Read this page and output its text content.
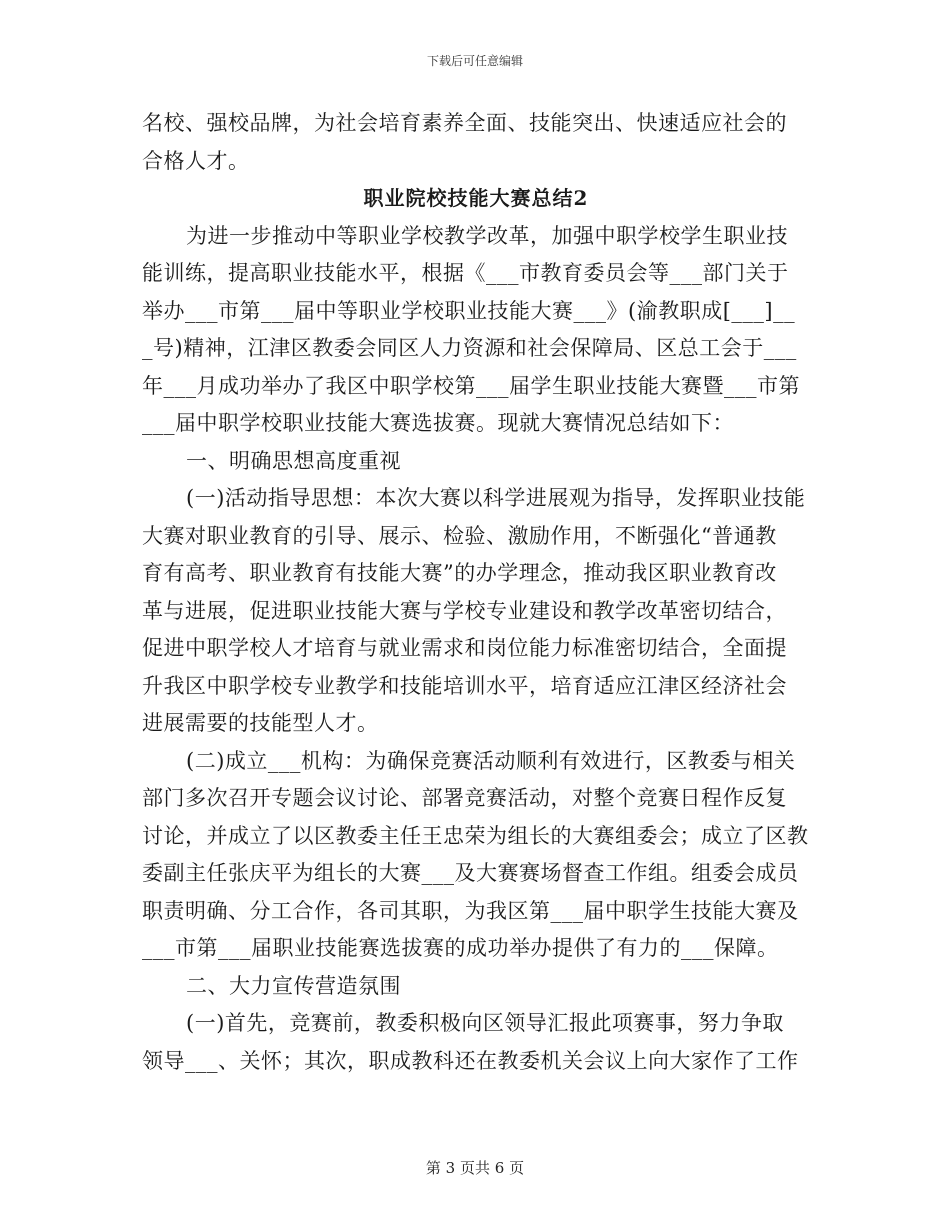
下载后可任意编辑
名校、强校品牌，为社会培育素养全面、技能突出、快速适应社会的
合格人才。
职业院校技能大赛总结2
为进一步推动中等职业学校教学改革，加强中职学校学生职业技
能训练，提高职业技能水平，根据《___市教育委员会等___部门关于
举办___市第___届中等职业学校职业技能大赛___》(渝教职成[___]__
_号)精神，江津区教委会同区人力资源和社会保障局、区总工会于___
年___月成功举办了我区中职学校第___届学生职业技能大赛暨___市第
___届中职学校职业技能大赛选拔赛。现就大赛情况总结如下：
一、明确思想高度重视
(一)活动指导思想：本次大赛以科学进展观为指导，发挥职业技能
大赛对职业教育的引导、展示、检验、激励作用，不断强化“普通教
育有高考、职业教育有技能大赛”的办学理念，推动我区职业教育改
革与进展，促进职业技能大赛与学校专业建设和教学改革密切结合，
促进中职学校人才培育与就业需求和岗位能力标准密切结合，全面提
升我区中职学校专业教学和技能培训水平，培育适应江津区经济社会
进展需要的技能型人才。
(二)成立___机构：为确保竞赛活动顺利有效进行，区教委与相关
部门多次召开专题会议讨论、部署竞赛活动，对整个竞赛日程作反复
讨论，并成立了以区教委主任王忠荣为组长的大赛组委会；成立了区教
委副主任张庆平为组长的大赛___及大赛赛场督查工作组。组委会成员
职责明确、分工合作，各司其职，为我区第___届中职学生技能大赛及
___市第___届职业技能赛选拔赛的成功举办提供了有力的___保障。
二、大力宣传营造氛围
(一)首先，竞赛前，教委积极向区领导汇报此项赛事，努力争取
领导___、关怀；其次，职成教科还在教委机关会议上向大家作了工作
第 3 页共 6 页
